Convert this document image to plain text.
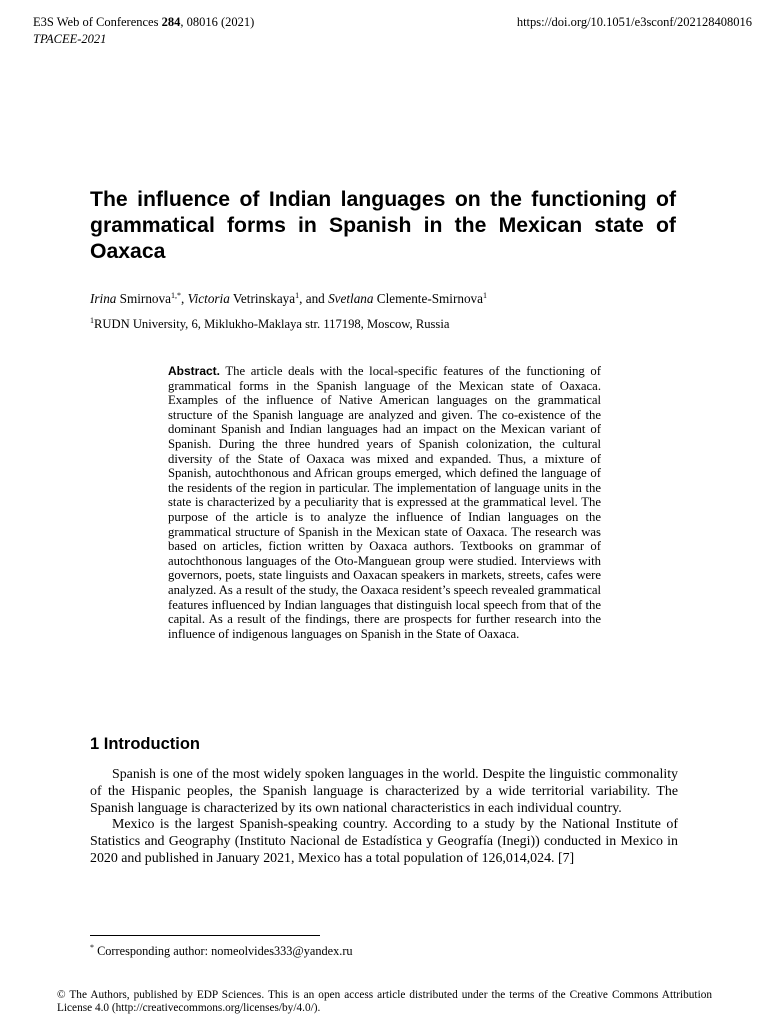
E3S Web of Conferences 284, 08016 (2021)	https://doi.org/10.1051/e3sconf/202128408016
TPACEE-2021
The influence of Indian languages on the functioning of grammatical forms in Spanish in the Mexican state of Oaxaca
Irina Smirnova$^{1,*}$, Victoria Vetrinskaya$^1$, and Svetlana Clemente-Smirnova$^1$
$^1$RUDN University, 6, Miklukho-Maklaya str. 117198, Moscow, Russia
Abstract. The article deals with the local-specific features of the functioning of grammatical forms in the Spanish language of the Mexican state of Oaxaca. Examples of the influence of Native American languages on the grammatical structure of the Spanish language are analyzed and given. The co-existence of the dominant Spanish and Indian languages had an impact on the Mexican variant of Spanish. During the three hundred years of Spanish colonization, the cultural diversity of the State of Oaxaca was mixed and expanded. Thus, a mixture of Spanish, autochthonous and African groups emerged, which defined the language of the residents of the region in particular. The implementation of language units in the state is characterized by a peculiarity that is expressed at the grammatical level. The purpose of the article is to analyze the influence of Indian languages on the grammatical structure of Spanish in the Mexican state of Oaxaca. The research was based on articles, fiction written by Oaxaca authors. Textbooks on grammar of autochthonous languages of the Oto-Manguean group were studied. Interviews with governors, poets, state linguists and Oaxacan speakers in markets, streets, cafes were analyzed. As a result of the study, the Oaxaca resident’s speech revealed grammatical features influenced by Indian languages that distinguish local speech from that of the capital. As a result of the findings, there are prospects for further research into the influence of indigenous languages on Spanish in the State of Oaxaca.
1 Introduction

Spanish is one of the most widely spoken languages in the world. Despite the linguistic commonality of the Hispanic peoples, the Spanish language is characterized by a wide territorial variability. The Spanish language is characterized by its own national characteristics in each individual country.

Mexico is the largest Spanish-speaking country. According to a study by the National Institute of Statistics and Geography (Instituto Nacional de Estadística y Geografía (Inegi)) conducted in Mexico in 2020 and published in January 2021, Mexico has a total population of 126,014,024. [7]

* Corresponding author: nomeolvides333@yandex.ru
© The Authors, published by EDP Sciences. This is an open access article distributed under the terms of the Creative Commons Attribution License 4.0 (http://creativecommons.org/licenses/by/4.0/).
